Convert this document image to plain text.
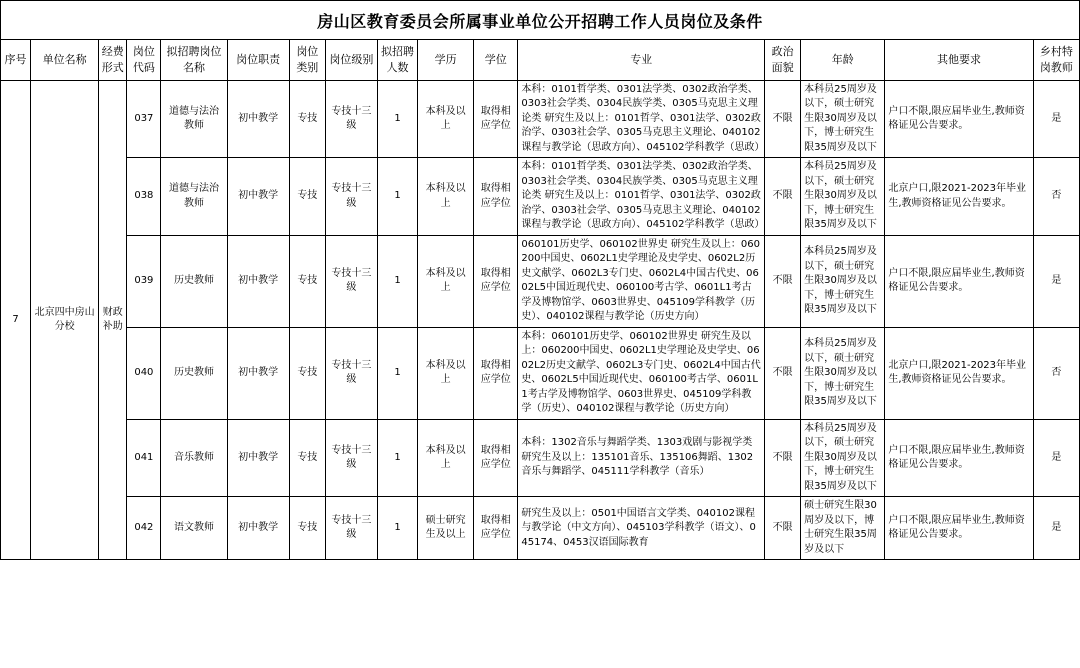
房山区教育委员会所属事业单位公开招聘工作人员岗位及条件
序号	单位名称	经费形式	岗位代码	拟招聘岗位名称	岗位职责	岗位类别	岗位级别	拟招聘人数	学历	学位	专业	政治面貌	年龄	其他要求	乡村特岗教师
7	北京四中房山分校	财政补助	037	道德与法治教师	初中教学	专技	专技十三级	1	本科及以上	取得相应学位	本科：0101哲学类、0301法学类、0302政治学类、0303社会学类、0304民族学类、0305马克思主义理论类 研究生及以上：0101哲学、0301法学、0302政治学、0303社会学、0305马克思主义理论、040102课程与教学论（思政方向）、045102学科教学（思政）	不限	本科员25周岁及以下，硕士研究生限30周岁及以下，博士研究生限35周岁及以下	户口不限,限应届毕业生,教师资格证见公告要求。	是
			038	道德与法治教师	初中教学	专技	专技十三级	1	本科及以上	取得相应学位	本科：0101哲学类、0301法学类、0302政治学类、0303社会学类、0304民族学类、0305马克思主义理论类 研究生及以上：0101哲学、0301法学、0302政治学、0303社会学、0305马克思主义理论、040102课程与教学论（思政方向）、045102学科教学（思政）	不限	本科员25周岁及以下，硕士研究生限30周岁及以下，博士研究生限35周岁及以下	北京户口,限2021-2023年毕业生,教师资格证见公告要求。	否
			039	历史教师	初中教学	专技	专技十三级	1	本科及以上	取得相应学位	060101历史学、060102世界史 研究生及以上：060200中国史、0602L1史学理论及史学史、0602L2历史文献学、0602L3专门史、0602L4中国古代史、0602L5中国近现代史、060100考古学、0601L1考古学及博物馆学、0603世界史、045109学科教学（历史）、040102课程与教学论（历史方向）	不限	本科员25周岁及以下，硕士研究生限30周岁及以下，博士研究生限35周岁及以下	户口不限,限应届毕业生,教师资格证见公告要求。	是
			040	历史教师	初中教学	专技	专技十三级	1	本科及以上	取得相应学位	本科：060101历史学、060102世界史 研究生及以上：060200中国史、0602L1史学理论及史学史、0602L2历史文献学、0602L3专门史、0602L4中国古代史、0602L5中国近现代史、060100考古学、0601L1考古学及博物馆学、0603世界史、045109学科教学（历史）、040102课程与教学论（历史方向）	不限	本科员25周岁及以下，硕士研究生限30周岁及以下，博士研究生限35周岁及以下	北京户口,限2021-2023年毕业生,教师资格证见公告要求。	否
			041	音乐教师	初中教学	专技	专技十三级	1	本科及以上	取得相应学位	本科：1302音乐与舞蹈学类、1303戏剧与影视学类 研究生及以上：135101音乐、135106舞蹈、1302音乐与舞蹈学、045111学科教学（音乐）	不限	本科员25周岁及以下，硕士研究生限30周岁及以下，博士研究生限35周岁及以下	户口不限,限应届毕业生,教师资格证见公告要求。	是
			042	语文教师	初中教学	专技	专技十三级	1	硕士研究生及以上	取得相应学位	研究生及以上：0501中国语言文学类、040102课程与教学论（中文方向）、045103学科教学（语文）、045174、0453汉语国际教育	不限	硕士研究生限30周岁及以下，博士研究生限35周岁及以下	户口不限,限应届毕业生,教师资格证见公告要求。	是
